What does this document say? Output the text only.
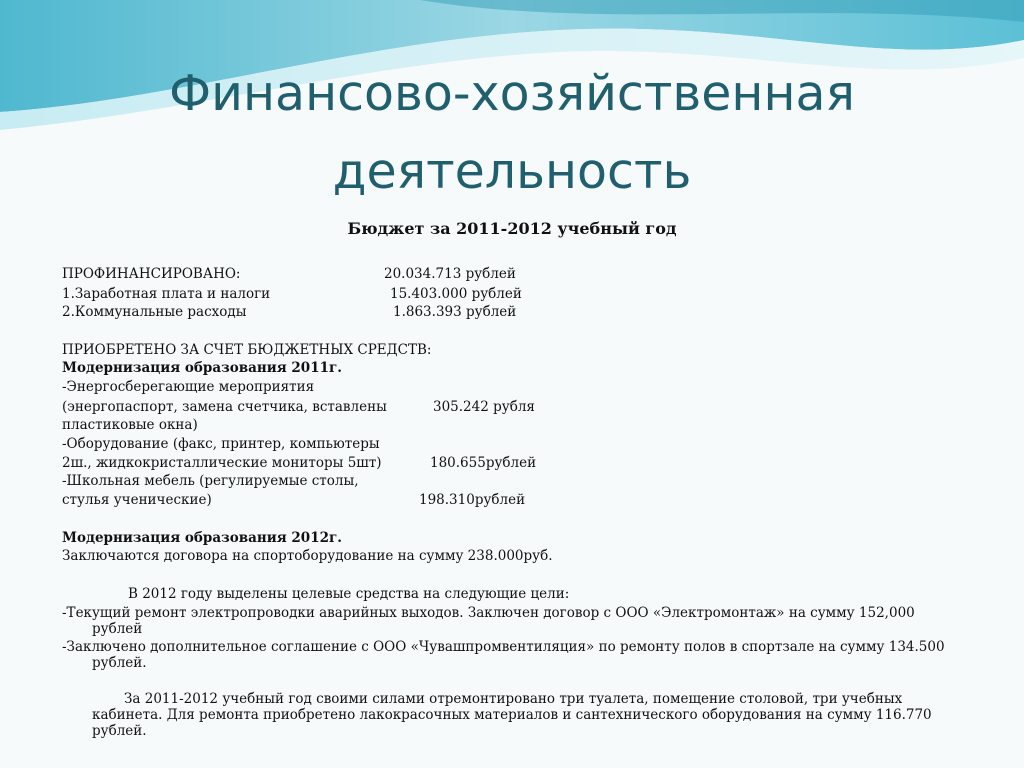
Финансово-хозяйственная
деятельность
Бюджет за 2011-2012 учебный год
ПРОФИНАНСИРОВАНО:	20.034.713 рублей
1.Заработная плата и налоги	15.403.000 рублей
2.Коммунальные расходы	1.863.393 рублей
ПРИОБРЕТЕНО ЗА СЧЕТ БЮДЖЕТНЫХ СРЕДСТВ:
Модернизация образования 2011г.
-Энергосберегающие мероприятия
(энергопаспорт, замена счетчика, вставлены	305.242 рубля
пластиковые окна)
-Оборудование (факс, принтер, компьютеры
2ш., жидкокристаллические мониторы 5шт)	180.655рублей
-Школьная мебель (регулируемые столы,
стулья ученические)	198.310рублей
Модернизация образования 2012г.
Заключаются договора на спортоборудование на сумму 238.000руб.
В 2012 году выделены целевые средства на следующие цели:
-Текущий ремонт электропроводки аварийных выходов. Заключен договор с ООО «Электромонтаж» на сумму 152,000
рублей
-Заключено дополнительное соглашение с ООО «Чувашпромвентиляция» по ремонту полов в спортзале на сумму 134.500
рублей.
За 2011-2012 учебный год своими силами отремонтировано три туалета, помещение столовой, три учебных
кабинета. Для ремонта приобретено лакокрасочных материалов и сантехнического оборудования на сумму 116.770
рублей.
